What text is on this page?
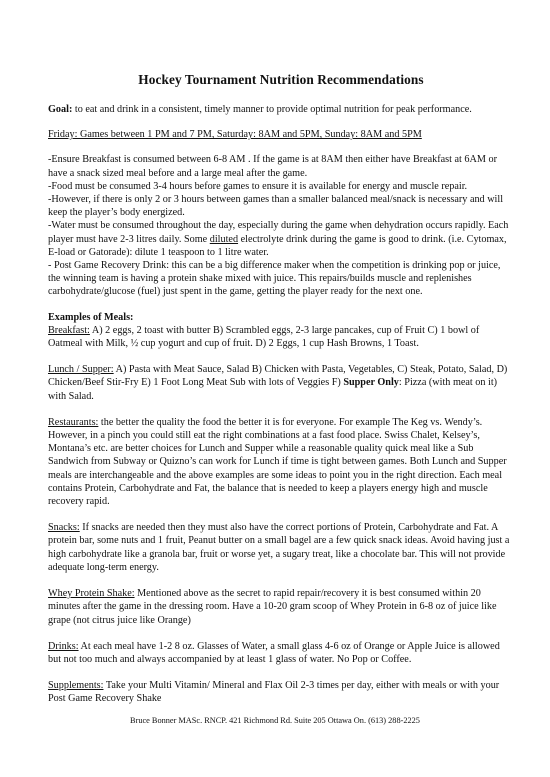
Hockey Tournament Nutrition Recommendations

Goal: to eat and drink in a consistent, timely manner to provide optimal nutrition for peak performance.

Friday: Games between 1 PM and 7 PM, Saturday: 8AM and 5PM, Sunday: 8AM and 5PM

-Ensure Breakfast is consumed between 6-8 AM . If the game is at 8AM then either have Breakfast at 6AM or have a snack sized meal before and a large meal after the game.

-Food must be consumed 3-4 hours before games to ensure it is available for energy and muscle repair.

-However, if there is only 2 or 3 hours between games than a smaller balanced meal/snack is necessary and will keep the player’s body energized.

-Water must be consumed throughout the day, especially during the game when dehydration occurs rapidly. Each player must have 2-3 litres daily. Some diluted electrolyte drink during the game is good to drink. (i.e. Cytomax, E-load or Gatorade): dilute 1 teaspoon to 1 litre water.

- Post Game Recovery Drink: this can be a big difference maker when the competition is drinking pop or juice, the winning team is having a protein shake mixed with juice. This repairs/builds muscle and replenishes carbohydrate/glucose (fuel) just spent in the game, getting the player ready for the next one.

Examples of Meals:

Breakfast: A) 2 eggs, 2 toast with butter B) Scrambled eggs, 2-3 large pancakes, cup of Fruit C) 1 bowl of Oatmeal with Milk, ½ cup yogurt and cup of fruit. D) 2 Eggs, 1 cup Hash Browns, 1 Toast.

Lunch / Supper: A) Pasta with Meat Sauce, Salad B) Chicken with Pasta, Vegetables, C) Steak, Potato, Salad, D) Chicken/Beef Stir-Fry E) 1 Foot Long Meat Sub with lots of Veggies F) Supper Only: Pizza (with meat on it) with Salad.

Restaurants: the better the quality the food the better it is for everyone. For example The Keg vs. Wendy’s. However, in a pinch you could still eat the right combinations at a fast food place. Swiss Chalet, Kelsey’s, Montana’s etc. are better choices for Lunch and Supper while a reasonable quality quick meal like a Sub Sandwich from Subway or Quizno’s can work for Lunch if time is tight between games. Both Lunch and Supper meals are interchangeable and the above examples are some ideas to point you in the right direction. Each meal contains Protein, Carbohydrate and Fat, the balance that is needed to keep a players energy high and muscle recovery rapid.

Snacks: If snacks are needed then they must also have the correct portions of Protein, Carbohydrate and Fat. A protein bar, some nuts and 1 fruit, Peanut butter on a small bagel are a few quick snack ideas. Avoid having just a high carbohydrate like a granola bar, fruit or worse yet, a sugary treat, like a chocolate bar. This will not provide adequate long-term energy.

Whey Protein Shake: Mentioned above as the secret to rapid repair/recovery it is best consumed within 20 minutes after the game in the dressing room. Have a 10-20 gram scoop of Whey Protein in 6-8 oz of juice like grape (not citrus juice like Orange)

Drinks: At each meal have 1-2 8 oz. Glasses of Water, a small glass 4-6 oz of Orange or Apple Juice is allowed but not too much and always accompanied by at least 1 glass of water. No Pop or Coffee.

Supplements: Take your Multi Vitamin/ Mineral and Flax Oil 2-3 times per day, either with meals or with your Post Game Recovery Shake

Bruce Bonner MASc. RNCP. 421 Richmond Rd. Suite 205 Ottawa On. (613) 288-2225
